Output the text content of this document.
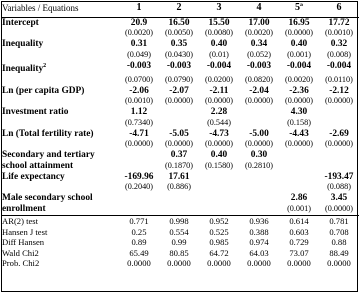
Variables / Equations	1	2	3	4	5ª	6
Intercept	20.9	16.50	15.50	17.00	16.95	17.72
	(0.0020)	(0.0050)	(0.0080)	(0.0020)	(0.0000)	(0.0010)
Inequality	0.31	0.35	0.40	0.34	0.40	0.32
	(0.049)	(0.0430)	(0.01)	(0.052)	(0.001)	(0.008)
Inequality$^2$	-0.003	-0.003	-0.004	-0.003	-0.004	-0.004
	(0.0700)	(0.0790)	(0.0200)	(0.0820)	(0.0020)	(0.0110)
Ln (per capita GDP)	-2.06	-2.07	-2.11	-2.04	-2.36	-2.12
	(0.0010)	(0.0000)	(0.0000)	(0.0000)	(0.0000)	(0.0000)
Investment ratio	1.12		2.28		4.30	
	(0.7340)		(0.544)		(0.158)	
Ln (Total fertility rate)	-4.71	-5.05	-4.73	-5.00	-4.43	-2.69
	(0.0000)	(0.0000)	(0.0000)	(0.0000)	(0.0000)	(0.0000)
Secondary and tertiary school attainment		0.37	0.40	0.30		
		(0.1870)	(0.1580)	(0.2810)		
Life expectancy	-169.96	17.61				-193.47
	(0.2040)	(0.886)				(0.088)
Male secondary school enrollment					2.86	3.45
					(0.001)	(0.0000)
AR(2) test	0.771	0.998	0.952	0.936	0.614	0.781
Hansen J test	0.25	0.554	0.525	0.388	0.603	0.708
Diff Hansen	0.89	0.99	0.985	0.974	0.729	0.88
Wald Chi2	65.49	80.85	64.72	64.03	73.07	88.49
Prob. Chi2	0.0000	0.0000	0.0000	0.0000	0.0000	0.0000
